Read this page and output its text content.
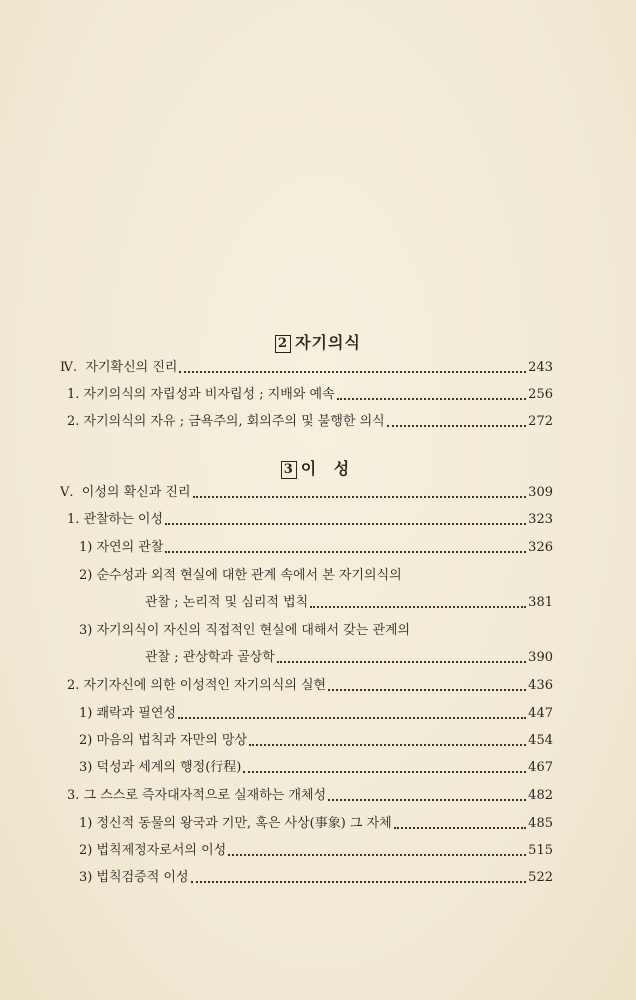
2 자기의식
Ⅳ. 자기확신의 진리	243
1. 자기의식의 자립성과 비자립성 ; 지배와 예속	256
2. 자기의식의 자유 ; 금욕주의, 회의주의 및 불행한 의식	272
3 이 성
Ⅴ. 이성의 확신과 진리	309
1. 관찰하는 이성	323
1) 자연의 관찰	326
2) 순수성과 외적 현실에 대한 관계 속에서 본 자기의식의
관찰 ; 논리적 및 심리적 법칙	381
3) 자기의식이 자신의 직접적인 현실에 대해서 갖는 관계의
관찰 ; 관상학과 골상학	390
2. 자기자신에 의한 이성적인 자기의식의 실현	436
1) 쾌락과 필연성	447
2) 마음의 법칙과 자만의 망상	454
3) 덕성과 세계의 행정(行程)	467
3. 그 스스로 즉자대자적으로 실재하는 개체성	482
1) 정신적 동물의 왕국과 기만, 혹은 사상(事象) 그 자체	485
2) 법칙제정자로서의 이성	515
3) 법칙검증적 이성	522
